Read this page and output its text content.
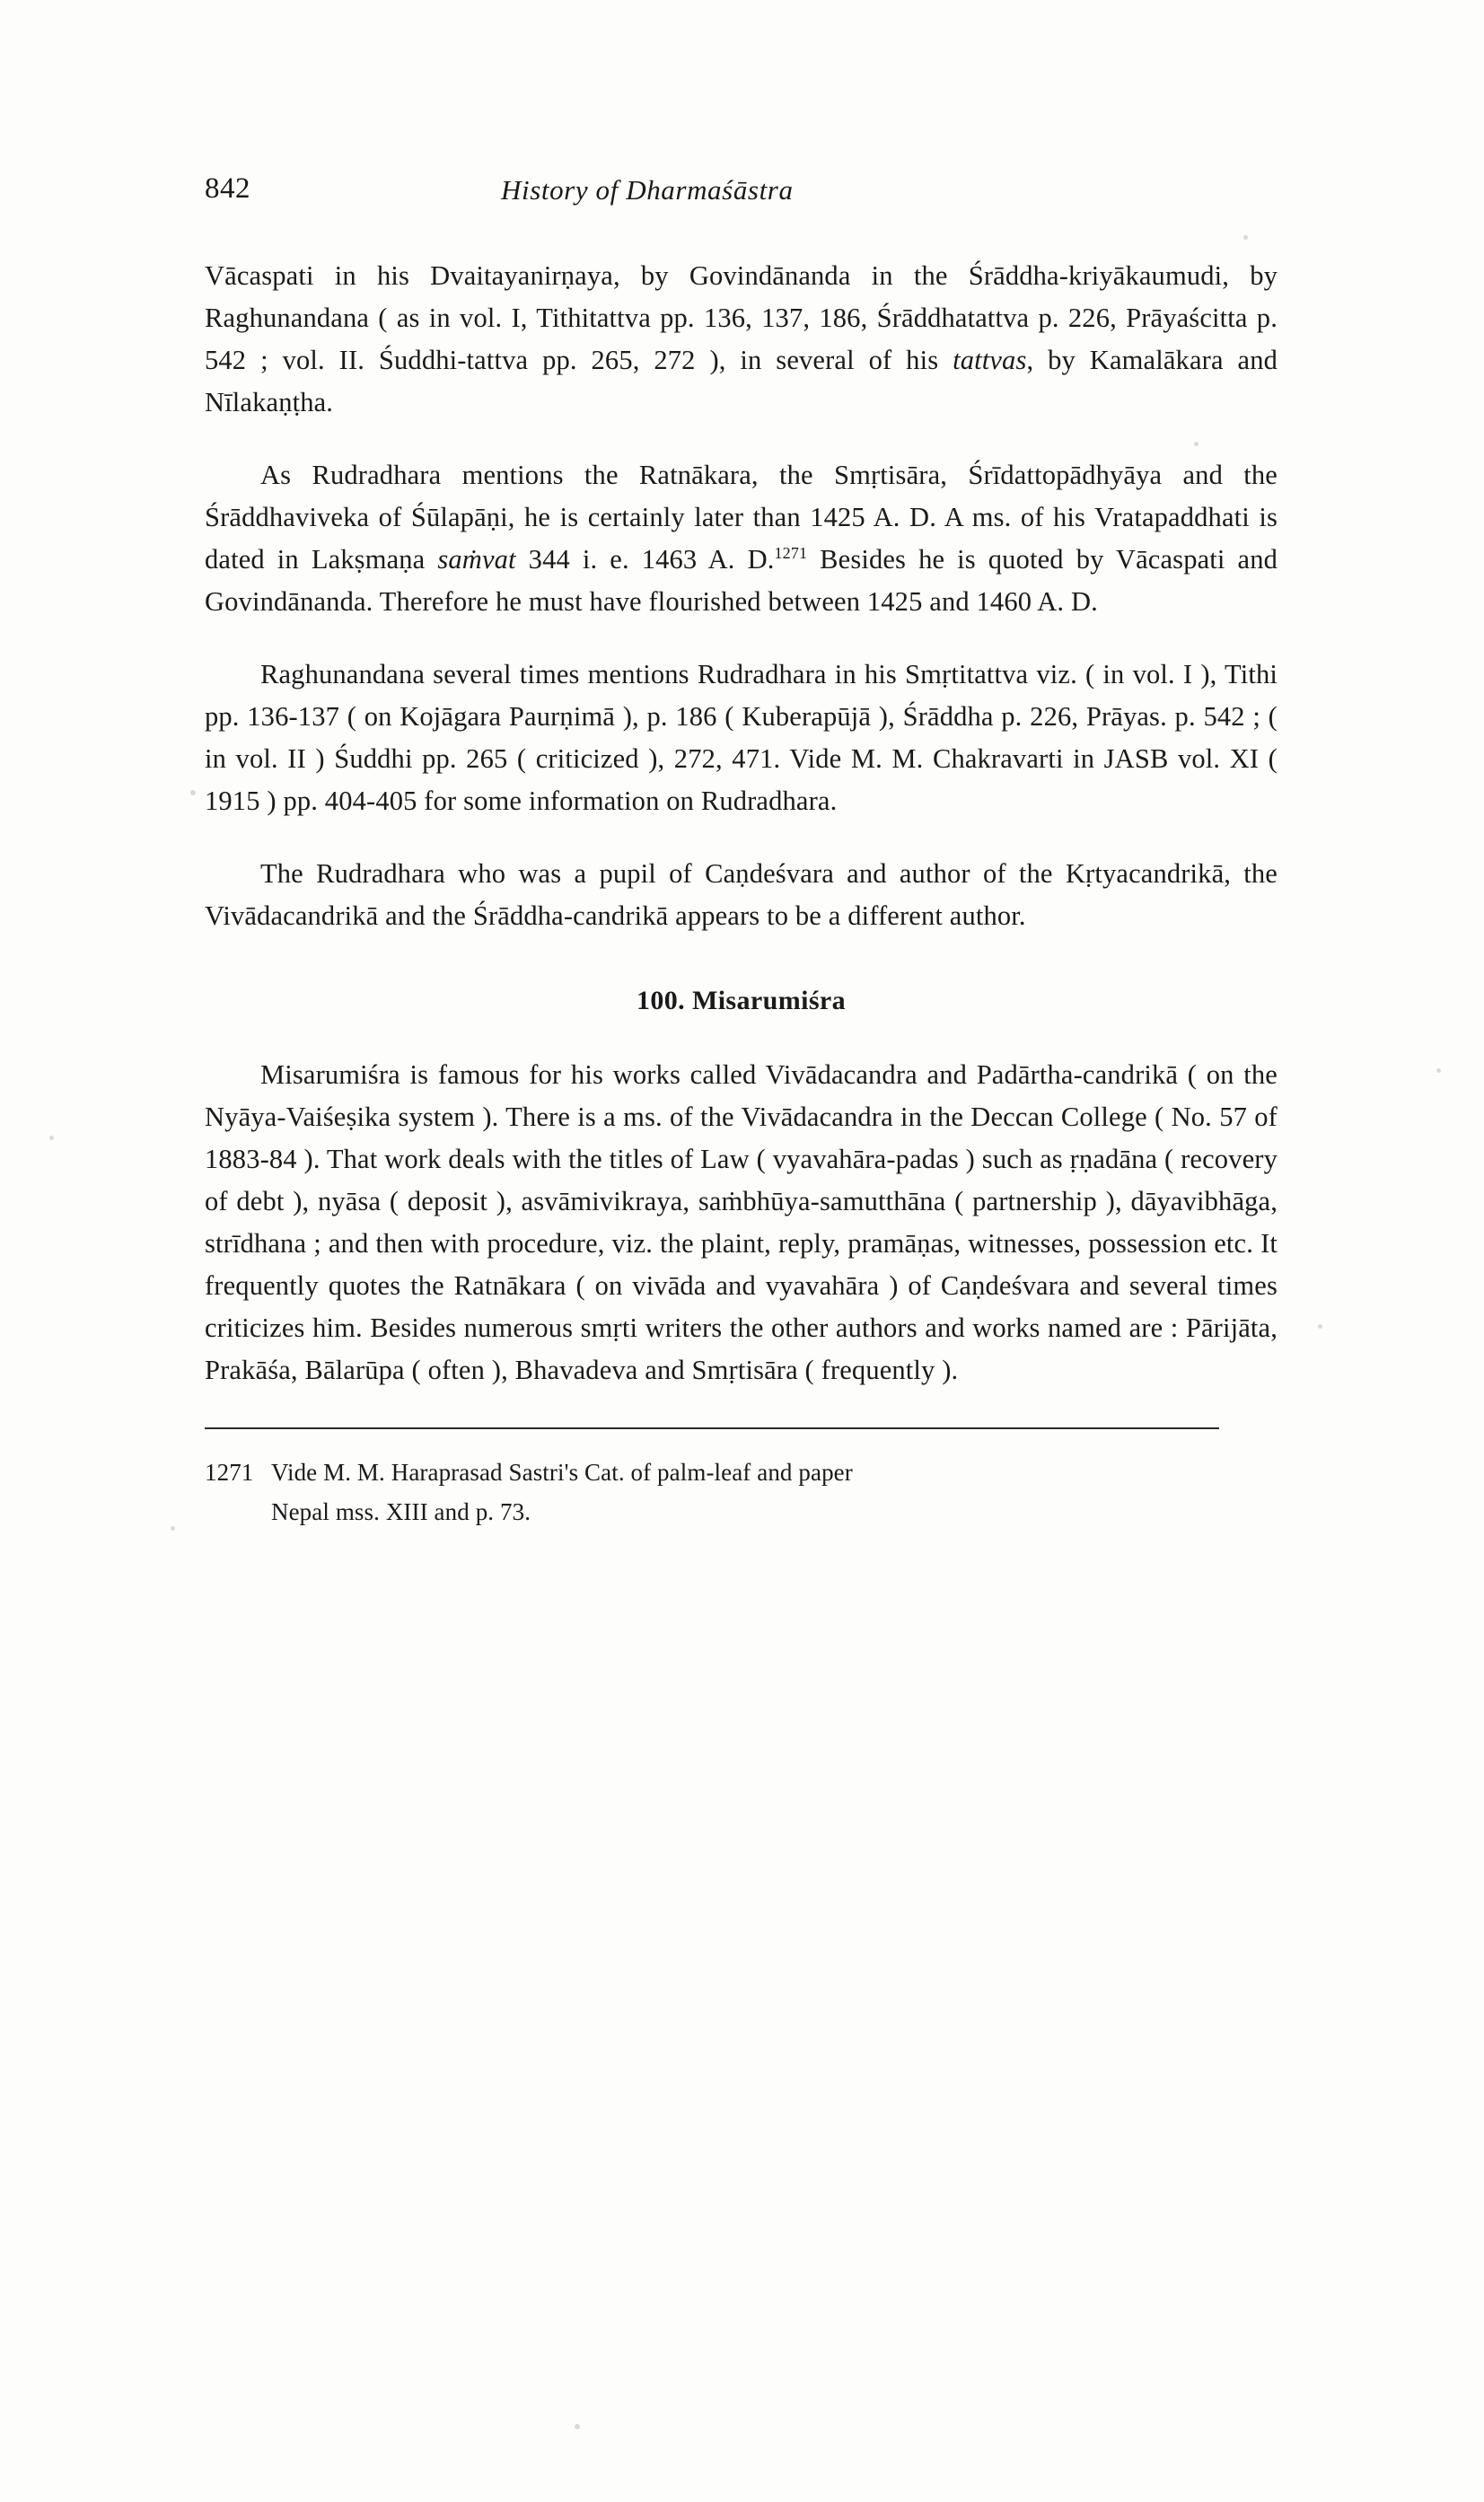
842	History of Dharmaśāstra

Vācaspati in his Dvaitayanirṇaya, by Govindānanda in the Śrāddha-kriyākaumudi, by Raghunandana ( as in vol. I, Tithitattva pp. 136, 137, 186, Śrāddhatattva p. 226, Prāyaścitta p. 542 ; vol. II. Śuddhi-tattva pp. 265, 272 ), in several of his tattvas, by Kamalākara and Nīlakaṇṭha.

As Rudradhara mentions the Ratnākara, the Smṛtisāra, Śrīdattopādhyāya and the Śrāddhaviveka of Śūlapāṇi, he is certainly later than 1425 A. D. A ms. of his Vratapaddhati is dated in Lakṣmaṇa saṁvat 344 i. e. 1463 A. D.$^{1271}$ Besides he is quoted by Vācaspati and Govindānanda. Therefore he must have flourished between 1425 and 1460 A. D.

Raghunandana several times mentions Rudradhara in his Smṛtitattva viz. ( in vol. I ), Tithi pp. 136-137 ( on Kojāgara Paurṇimā ), p. 186 ( Kuberapūjā ), Śrāddha p. 226, Prāyas. p. 542 ; ( in vol. II ) Śuddhi pp. 265 ( criticized ), 272, 471. Vide M. M. Chakravarti in JASB vol. XI ( 1915 ) pp. 404-405 for some information on Rudradhara.

The Rudradhara who was a pupil of Caṇdeśvara and author of the Kṛtyacandrikā, the Vivādacandrikā and the Śrāddha-candrikā appears to be a different author.

100. Misarumiśra

Misarumiśra is famous for his works called Vivādacandra and Padārtha-candrikā ( on the Nyāya-Vaiśeṣika system ). There is a ms. of the Vivādacandra in the Deccan College ( No. 57 of 1883-84 ). That work deals with the titles of Law ( vyavahāra-padas ) such as ṛṇadāna ( recovery of debt ), nyāsa ( deposit ), asvāmivikraya, saṁbhūya-samutthāna ( partnership ), dāyavibhāga, strīdhana ; and then with procedure, viz. the plaint, reply, pramāṇas, witnesses, possession etc. It frequently quotes the Ratnākara ( on vivāda and vyavahāra ) of Caṇdeśvara and several times criticizes him. Besides numerous smṛti writers the other authors and works named are : Pārijāta, Prakāśa, Bālarūpa ( often ), Bhavadeva and Smṛtisāra ( frequently ).

1271 Vide M. M. Haraprasad Sastri's Cat. of palm-leaf and paper
Nepal mss. XIII and p. 73.
